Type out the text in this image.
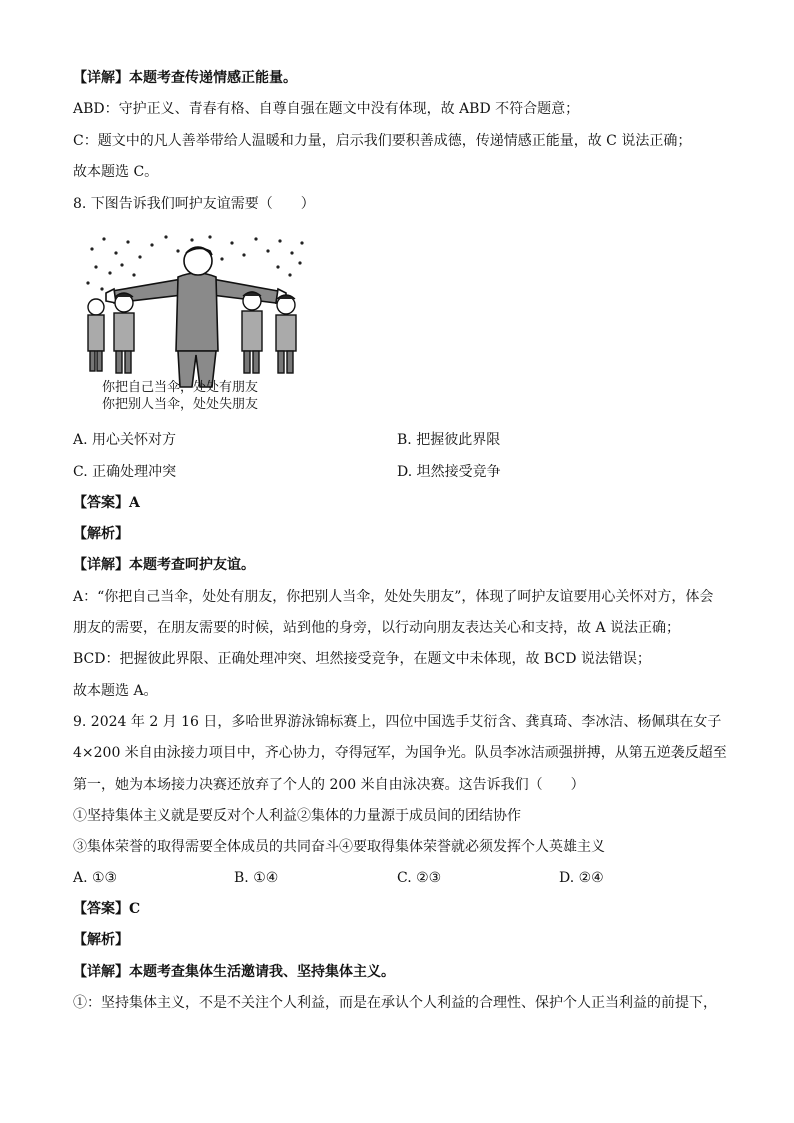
【详解】本题考查传递情感正能量。
ABD：守护正义、青春有格、自尊自强在题文中没有体现，故 ABD 不符合题意；
C：题文中的凡人善举带给人温暖和力量，启示我们要积善成德，传递情感正能量，故 C 说法正确；
故本题选 C。
8. 下图告诉我们呵护友谊需要（　　）
你把自己当伞，处处有朋友
你把别人当伞，处处失朋友
A. 用心关怀对方	B. 把握彼此界限
C. 正确处理冲突	D. 坦然接受竞争
【答案】A
【解析】
【详解】本题考查呵护友谊。
A：“你把自己当伞，处处有朋友，你把别人当伞，处处失朋友”，体现了呵护友谊要用心关怀对方，体会
朋友的需要，在朋友需要的时候，站到他的身旁，以行动向朋友表达关心和支持，故 A 说法正确；
BCD：把握彼此界限、正确处理冲突、坦然接受竞争，在题文中未体现，故 BCD 说法错误；
故本题选 A。
9. 2024 年 2 月 16 日，多哈世界游泳锦标赛上，四位中国选手艾衍含、龚真琦、李冰洁、杨佩琪在女子
4×200 米自由泳接力项目中，齐心协力，夺得冠军，为国争光。队员李冰洁顽强拼搏，从第五逆袭反超至
第一，她为本场接力决赛还放弃了个人的 200 米自由泳决赛。这告诉我们（　　）
①坚持集体主义就是要反对个人利益②集体的力量源于成员间的团结协作
③集体荣誉的取得需要全体成员的共同奋斗④要取得集体荣誉就必须发挥个人英雄主义
A. ①③	B. ①④	C. ②③	D. ②④
【答案】C
【解析】
【详解】本题考查集体生活邀请我、坚持集体主义。
①：坚持集体主义，不是不关注个人利益，而是在承认个人利益的合理性、保护个人正当利益的前提下，
